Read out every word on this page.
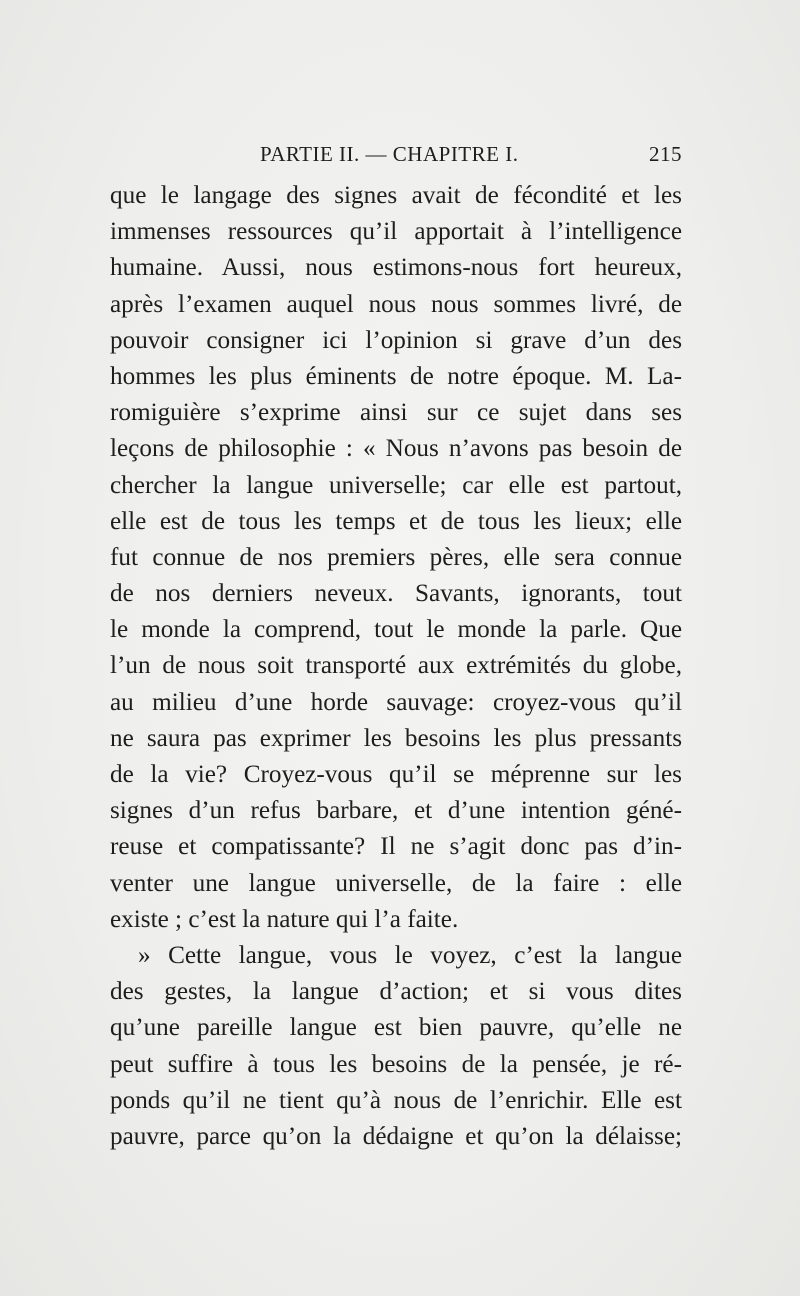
PARTIE II. — CHAPITRE I.	215
que le langage des signes avait de fécondité et les
immenses ressources qu’il apportait à l’intelligence
humaine. Aussi, nous estimons-nous fort heureux,
après l’examen auquel nous nous sommes livré, de
pouvoir consigner ici l’opinion si grave d’un des
hommes les plus éminents de notre époque. M. La-
romiguière s’exprime ainsi sur ce sujet dans ses
leçons de philosophie : « Nous n’avons pas besoin de
chercher la langue universelle; car elle est partout,
elle est de tous les temps et de tous les lieux; elle
fut connue de nos premiers pères, elle sera connue
de nos derniers neveux. Savants, ignorants, tout
le monde la comprend, tout le monde la parle. Que
l’un de nous soit transporté aux extrémités du globe,
au milieu d’une horde sauvage: croyez-vous qu’il
ne saura pas exprimer les besoins les plus pressants
de la vie? Croyez-vous qu’il se méprenne sur les
signes d’un refus barbare, et d’une intention géné-
reuse et compatissante? Il ne s’agit donc pas d’in-
venter une langue universelle, de la faire : elle
existe ; c’est la nature qui l’a faite.
» Cette langue, vous le voyez, c’est la langue
des gestes, la langue d’action; et si vous dites
qu’une pareille langue est bien pauvre, qu’elle ne
peut suffire à tous les besoins de la pensée, je ré-
ponds qu’il ne tient qu’à nous de l’enrichir. Elle est
pauvre, parce qu’on la dédaigne et qu’on la délaisse;
